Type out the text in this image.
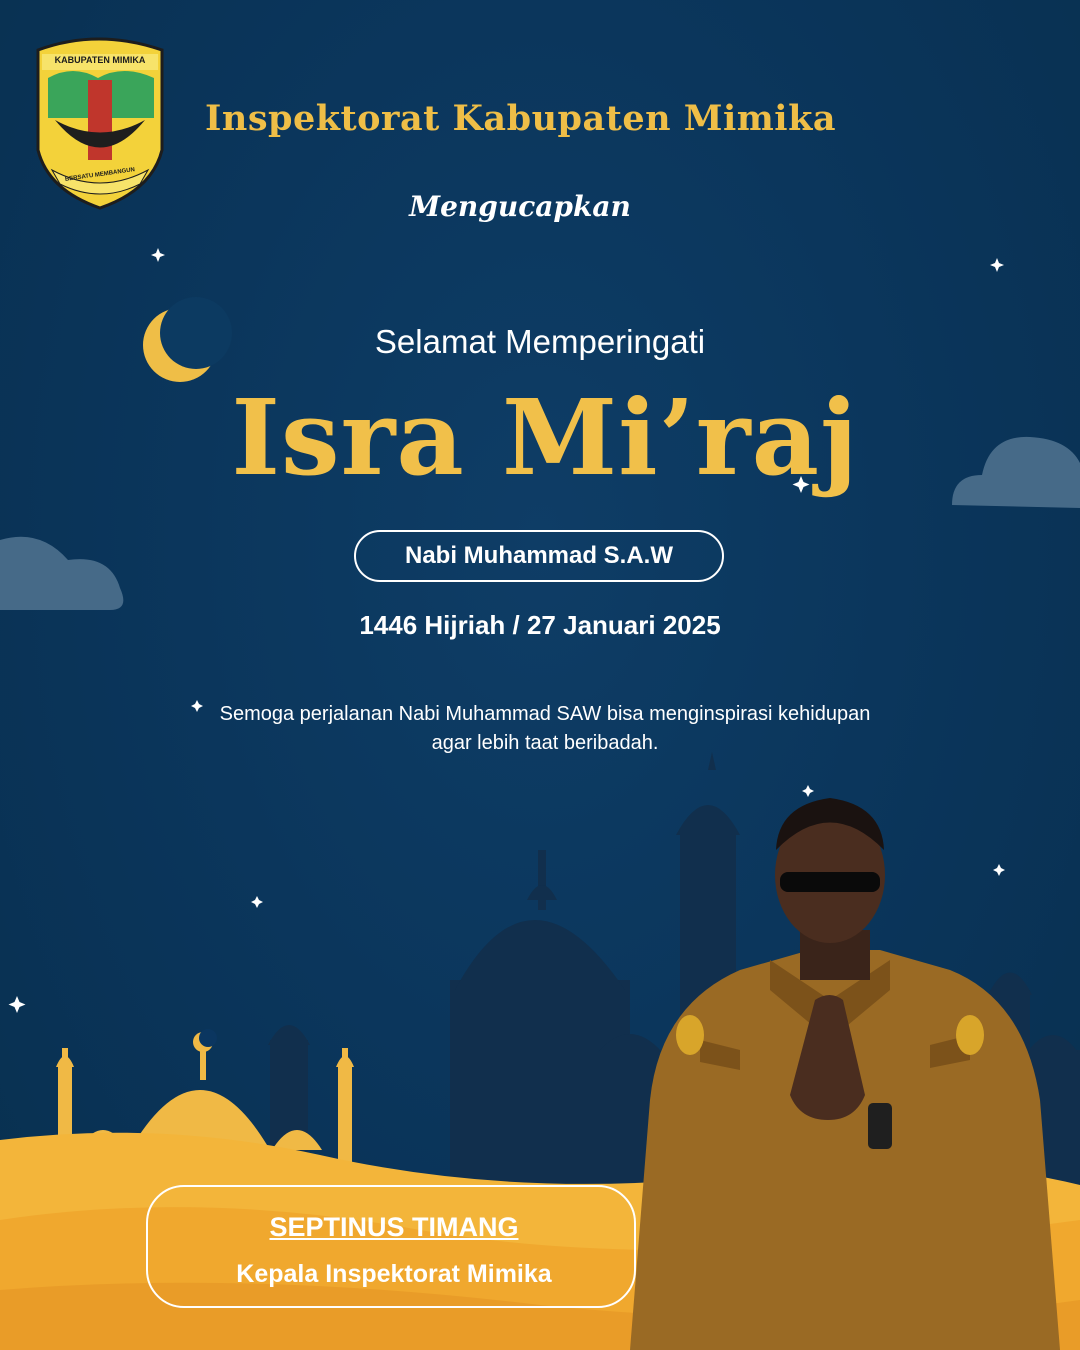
KABUPATEN MIMIKA
BERSATU MEMBANGUN
Inspektorat Kabupaten Mimika
Mengucapkan
Selamat Memperingati
Isra Mi’raj
Nabi Muhammad S.A.W
1446 Hijriah / 27 Januari 2025
Semoga perjalanan Nabi Muhammad SAW bisa menginspirasi kehidupan agar lebih taat beribadah.
SEPTINUS TIMANG
Kepala Inspektorat Mimika
